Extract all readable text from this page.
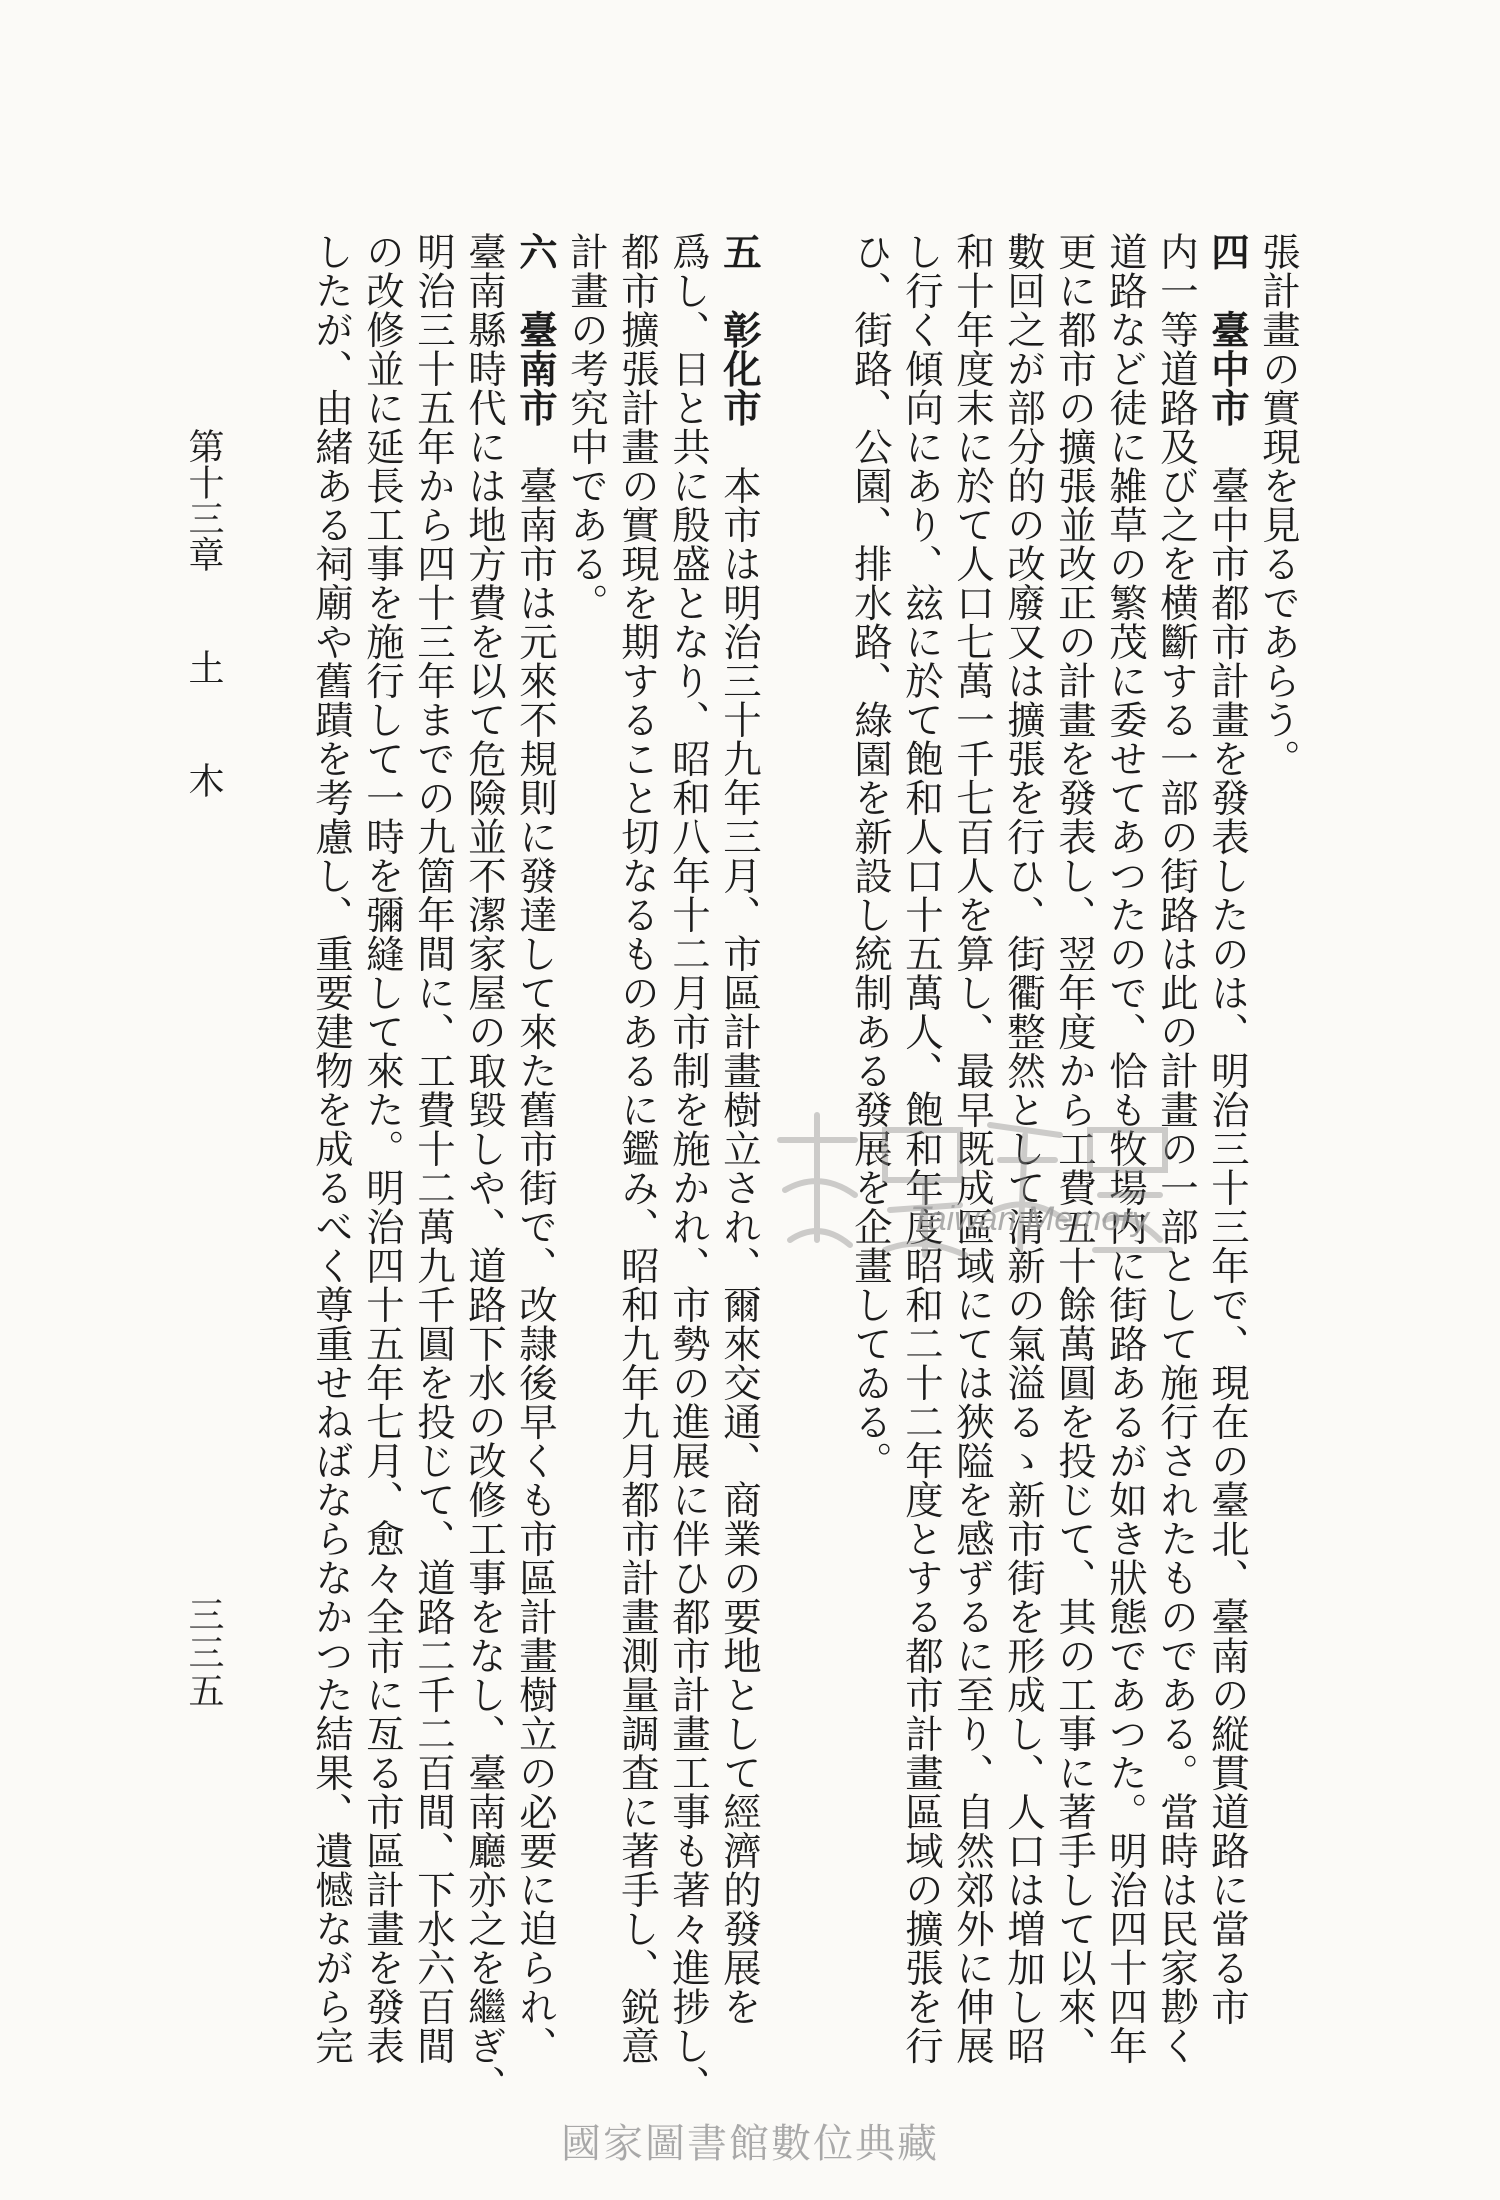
張計畫の實現を見るであらう。
四　臺中市　臺中市都市計畫を發表したのは、明治三十三年で、現在の臺北、臺南の縦貫道路に當る市
内一等道路及び之を横斷する一部の街路は此の計畫の一部として施行されたものである。當時は民家尠く
道路など徒に雑草の繁茂に委せてあつたので、恰も牧場内に街路あるが如き狀態であつた。明治四十四年
更に都市の擴張並改正の計畫を發表し、翌年度から工費五十餘萬圓を投じて、其の工事に著手して以來、
數回之が部分的の改廢又は擴張を行ひ、街衢整然として清新の氣溢るゝ新市街を形成し、人口は増加し昭
和十年度末に於て人口七萬一千七百人を算し、最早既成區域にては狹隘を感ずるに至り、自然郊外に伸展
し行く傾向にあり、玆に於て飽和人口十五萬人、飽和年度昭和二十二年度とする都市計畫區域の擴張を行
ひ、街路、公園、排水路、綠園を新設し統制ある發展を企畫してゐる。
五　彰化市　本市は明治三十九年三月、市區計畫樹立され、爾來交通、商業の要地として經濟的發展を
爲し、日と共に殷盛となり、昭和八年十二月市制を施かれ、市勢の進展に伴ひ都市計畫工事も著々進捗し、
都市擴張計畫の實現を期すること切なるものあるに鑑み、昭和九年九月都市計畫測量調査に著手し、鋭意
計畫の考究中である。
六　臺南市　臺南市は元來不規則に發達して來た舊市街で、改隷後早くも市區計畫樹立の必要に迫られ、
臺南縣時代には地方費を以て危險並不潔家屋の取毀しや、道路下水の改修工事をなし、臺南廳亦之を繼ぎ、
明治三十五年から四十三年までの九箇年間に、工費十二萬九千圓を投じて、道路二千二百間、下水六百間
の改修並に延長工事を施行して一時を彌縫して來た。明治四十五年七月、愈々全市に亙る市區計畫を發表
したが、由緒ある祠廟や舊蹟を考慮し、重要建物を成るべく尊重せねばならなかつた結果、遺憾ながら完
第十三章
土
木
三三五
Taiwan Memory
國家圖書館數位典藏
